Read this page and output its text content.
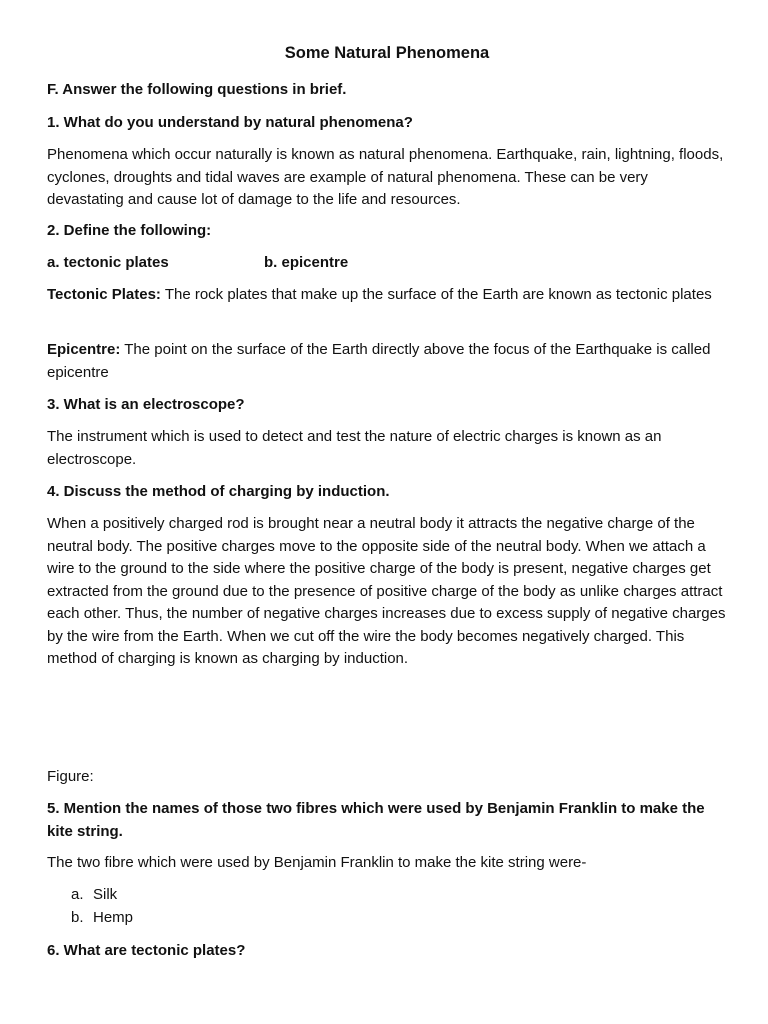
Some Natural Phenomena

F. Answer the following questions in brief.

1. What do you understand by natural phenomena?

Phenomena which occur naturally is known as natural phenomena. Earthquake, rain, lightning, floods, cyclones, droughts and tidal waves are example of natural phenomena. These can be very devastating and cause lot of damage to the life and resources.

2. Define the following:

a. tectonic plates	b. epicentre

Tectonic Plates: The rock plates that make up the surface of the Earth are known as tectonic plates

Epicentre: The point on the surface of the Earth directly above the focus of the Earthquake is called epicentre

3. What is an electroscope?

The instrument which is used to detect and test the nature of electric charges is known as an electroscope.

4. Discuss the method of charging by induction.

When a positively charged rod is brought near a neutral body it attracts the negative charge of the neutral body. The positive charges move to the opposite side of the neutral body. When we attach a wire to the ground to the side where the positive charge of the body is present, negative charges get extracted from the ground due to the presence of positive charge of the body as unlike charges attract each other. Thus, the number of negative charges increases due to excess supply of negative charges by the wire from the Earth. When we cut off the wire the body becomes negatively charged. This method of charging is known as charging by induction.

Figure:

5. Mention the names of those two fibres which were used by Benjamin Franklin to make the kite string.

The two fibre which were used by Benjamin Franklin to make the kite string were-

a. Silk
b. Hemp

6. What are tectonic plates?
